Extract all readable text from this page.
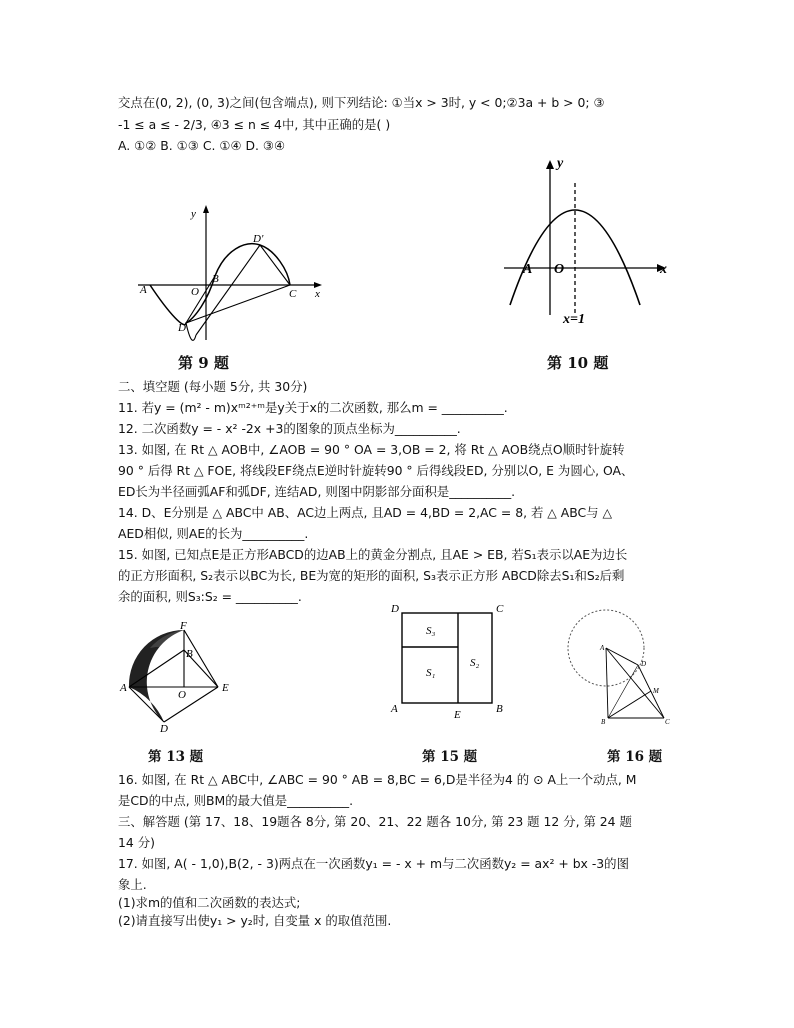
交点在(0, 2), (0, 3)之间(包含端点), 则下列结论: ①当x > 3时, y < 0;②3a + b > 0; ③
-1 ≤ a ≤ - 2/3, ④3 ≤ n ≤ 4中, 其中正确的是( )
A. ①② B. ①③ C. ①④ D. ③④
y
x
A	O
B
C
D
D'
y
x
A O
x=1
第 9 题	第 10 题
二、填空题 (每小题 5分, 共 30分)
11. 若y = (m² - m)xᵐ²⁺ᵐ是y关于x的二次函数, 那么m = __________.
12. 二次函数y = - x² -2x +3的图象的顶点坐标为__________.
13. 如图, 在 Rt △ AOB中, ∠AOB = 90 ° OA = 3,OB = 2, 将 Rt △ AOB绕点O顺时针旋转
90 ° 后得 Rt △ FOE, 将线段EF绕点E逆时针旋转90 ° 后得线段ED, 分别以O, E 为圆心, OA、
ED长为半径画弧AF和弧DF, 连结AD, 则图中阴影部分面积是__________.
14. D、E分别是 △ ABC中 AB、AC边上两点, 且AD = 4,BD = 2,AC = 8, 若 △ ABC与 △
AED相似, 则AE的长为__________.
15. 如图, 已知点E是正方形ABCD的边AB上的黄金分割点, 且AE > EB, 若S₁表示以AE为边长
的正方形面积, S₂表示以BC为长, BE为宽的矩形的面积, S₃表示正方形 ABCD除去S₁和S₂后剩
余的面积, 则S₃:S₂ = __________.
F
B
A
O
E
D
D	C
A	E	B
S₃
S₁
S₂
A
D
M
B	C
第 13 题	第 15 题	第 16 题
16. 如图, 在 Rt △ ABC中, ∠ABC = 90 ° AB = 8,BC = 6,D是半径为4 的 ⊙ A上一个动点, M
是CD的中点, 则BM的最大值是__________.
三、解答题 (第 17、18、19题各 8分, 第 20、21、22 题各 10分, 第 23 题 12 分, 第 24 题
14 分)
17. 如图, A( - 1,0),B(2, - 3)两点在一次函数y₁ = - x + m与二次函数y₂ = ax² + bx -3的图
象上.
(1)求m的值和二次函数的表达式;
(2)请直接写出使y₁ > y₂时, 自变量 x 的取值范围.
